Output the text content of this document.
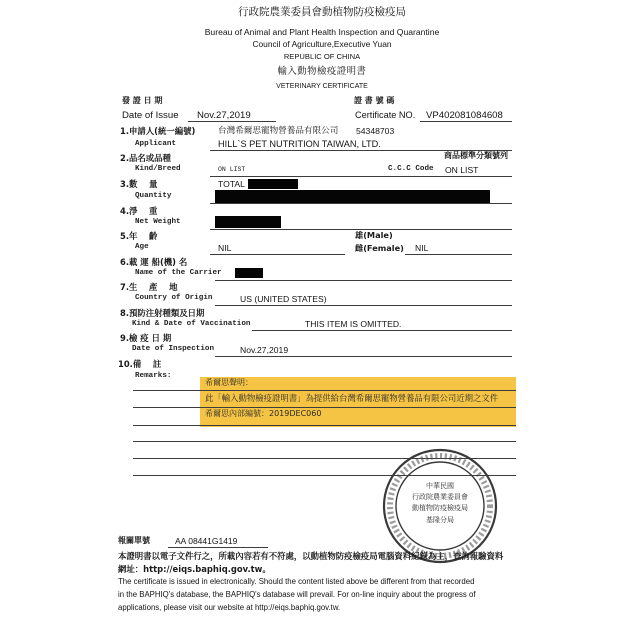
行政院農業委員會動植物防疫檢疫局
Bureau of Animal and Plant Health Inspection and Quarantine
Council of Agriculture,Executive Yuan
REPUBLIC OF CHINA
輸入動物檢疫證明書
VETERINARY CERTIFICATE
發 證 日 期
Date of Issue Nov.27,2019
證 書 號 碼
Certificate NO. VP402081084608
1.申請人(統一編號)	台灣希爾思寵物營養品有限公司 54348703
Applicant	HILL`S PET NUTRITION TAIWAN, LTD.
2.品名或品種	商品標準分類號列
Kind/Breed	ON LIST	C.C.C Code ON LIST
3.數    量	TOTAL
Quantity
4.淨    重
Net Weight
5.年    齡	雄(Male)
Age	NIL	雌(Female) NIL
6.載 運 船(機) 名
Name of the Carrier
7.生    產    地
Country of Origin	US (UNITED STATES)
8.預防注射種類及日期
Kind & Date of Vaccination	THIS ITEM IS OMITTED.
9.檢 疫 日 期
Date of Inspection	Nov.27,2019
10.備    註
Remarks:
希爾思聲明：
此「輸入動物檢疫證明書」為提供給台灣希爾思寵物營養品有限公司近期之文件
希爾思內部編號：2019DEC060
中華民國
行政院農業委員會
動植物防疫檢疫局
基隆分局
報關單號	AA 08441G1419
本證明書以電子文件行之，所載內容若有不符處，以動植物防疫檢疫局電腦資料紀錄為主，查詢報驗資料
網址：http://eiqs.baphiq.gov.tw。
The certificate is issued in electronically. Should the content listed above be different from that recorded
in the BAPHIQ's database, the BAPHIQ's database will prevail. For on-line inquiry about the progress of
applications, please visit our website at http://eiqs.baphiq.gov.tw.
